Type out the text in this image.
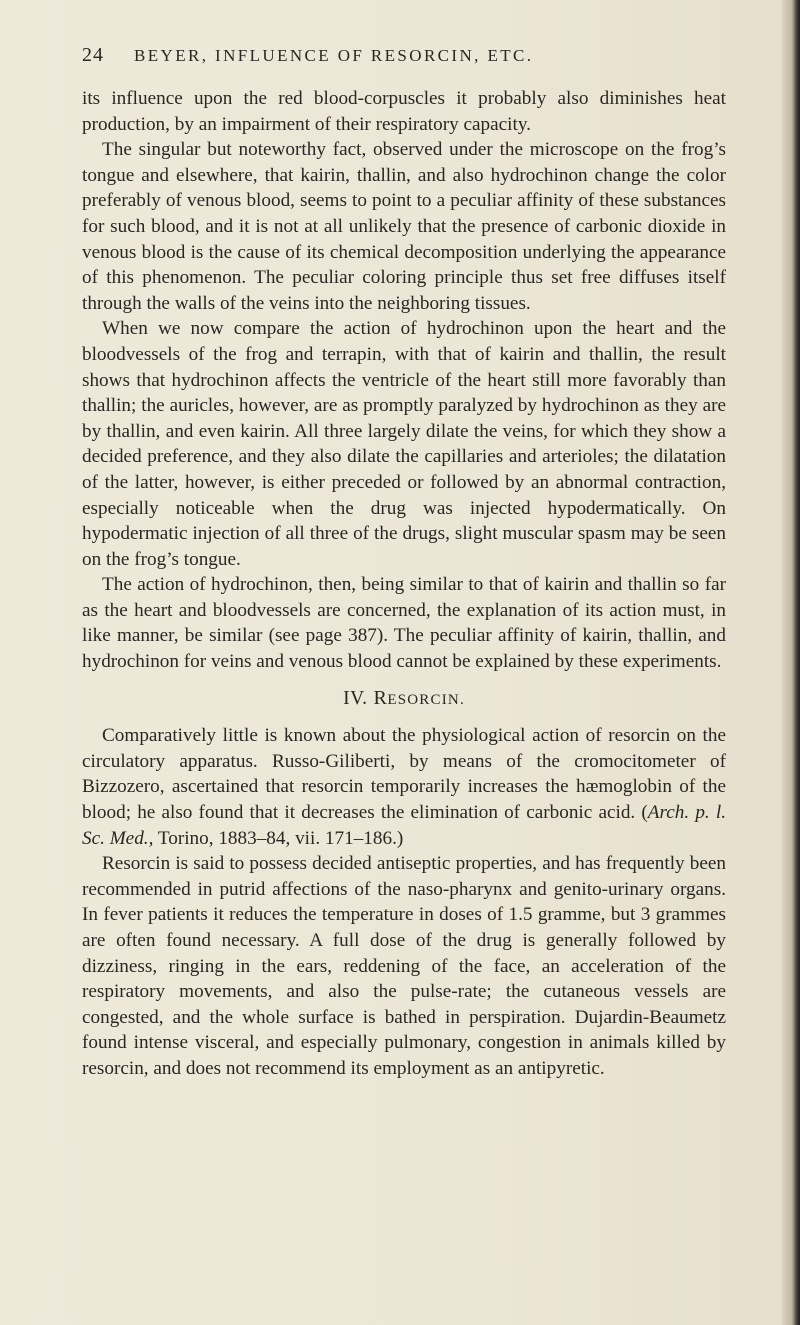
24 BEYER, INFLUENCE OF RESORCIN, ETC.

its influence upon the red blood-corpuscles it probably also diminishes heat production, by an impairment of their respiratory capacity.

The singular but noteworthy fact, observed under the microscope on the frog’s tongue and elsewhere, that kairin, thallin, and also hydrochinon change the color preferably of venous blood, seems to point to a peculiar affinity of these substances for such blood, and it is not at all unlikely that the presence of carbonic dioxide in venous blood is the cause of its chemical decomposition underlying the appearance of this phenomenon. The peculiar coloring principle thus set free diffuses itself through the walls of the veins into the neighboring tissues.

When we now compare the action of hydrochinon upon the heart and the bloodvessels of the frog and terrapin, with that of kairin and thallin, the result shows that hydrochinon affects the ventricle of the heart still more favorably than thallin; the auricles, however, are as promptly paralyzed by hydrochinon as they are by thallin, and even kairin. All three largely dilate the veins, for which they show a decided preference, and they also dilate the capillaries and arterioles; the dilatation of the latter, however, is either preceded or followed by an abnormal contraction, especially noticeable when the drug was injected hypodermatically. On hypodermatic injection of all three of the drugs, slight muscular spasm may be seen on the frog’s tongue.

The action of hydrochinon, then, being similar to that of kairin and thallin so far as the heart and bloodvessels are concerned, the explanation of its action must, in like manner, be similar (see page 387). The peculiar affinity of kairin, thallin, and hydrochinon for veins and venous blood cannot be explained by these experiments.

IV. RESORCIN.

Comparatively little is known about the physiological action of resorcin on the circulatory apparatus. Russo-Giliberti, by means of the cromocitometer of Bizzozero, ascertained that resorcin temporarily increases the hæmoglobin of the blood; he also found that it decreases the elimination of carbonic acid. (Arch. p. l. Sc. Med., Torino, 1883–84, vii. 171–186.)

Resorcin is said to possess decided antiseptic properties, and has frequently been recommended in putrid affections of the naso-pharynx and genito-urinary organs. In fever patients it reduces the temperature in doses of 1.5 gramme, but 3 grammes are often found necessary. A full dose of the drug is generally followed by dizziness, ringing in the ears, reddening of the face, an acceleration of the respiratory movements, and also the pulse-rate; the cutaneous vessels are congested, and the whole surface is bathed in perspiration. Dujardin-Beaumetz found intense visceral, and especially pulmonary, congestion in animals killed by resorcin, and does not recommend its employment as an antipyretic.
